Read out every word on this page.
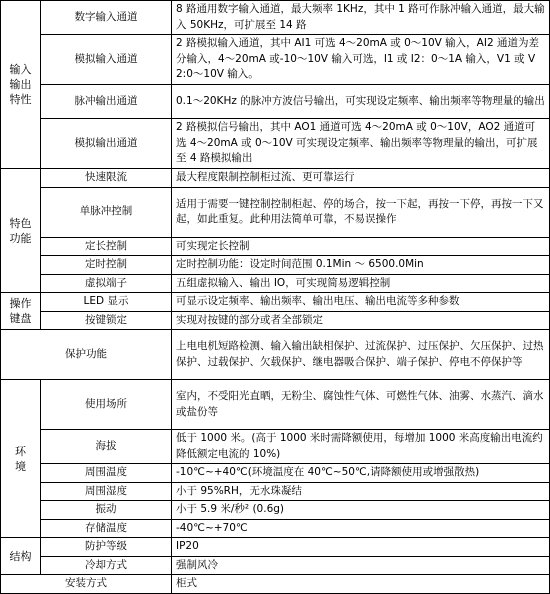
输入
输出
特性	数字输入通道	8 路通用数字输入通道，最大频率 1KHz，其中 1 路可作脉冲输入通道，最大输入 50KHz，可扩展至 14 路
	模拟输入通道	2 路模拟输入通道，其中 AI1 可选 4～20mA 或 0～10V 输入，AI2 通道为差分输入，4～20mA 或-10～10V 输入可选，I1 或 I2：0～1A 输入，V1 或 V2:0～10V 输入。
	脉冲输出通道	0.1～20KHz 的脉冲方波信号输出，可实现设定频率、输出频率等物理量的输出
	模拟输出通道	2 路模拟信号输出，其中 AO1 通道可选 4～20mA 或 0～10V，AO2 通道可选 4～20mA 或 0～10V 可实现设定频率、输出频率等物理量的输出，可扩展至 4 路模拟输出
特色
功能	快速限流	最大程度限制控制柜过流、更可靠运行
	单脉冲控制	适用于需要一键控制控制柜起、停的场合，按一下起，再按一下停，再按一下又起，如此重复。此种用法简单可靠，不易误操作
	定长控制	可实现定长控制
	定时控制	定时控制功能：设定时间范围 0.1Min ～ 6500.0Min
	虚拟端子	五组虚拟输入、输出 IO，可实现简易逻辑控制
操作
键盘	LED 显示	可显示设定频率、输出频率、输出电压、输出电流等多种参数
	按键锁定	实现对按键的部分或者全部锁定
保护功能		上电电机短路检测、输入输出缺相保护、过流保护、过压保护、欠压保护、过热保护、过载保护、欠载保护、继电器吸合保护、端子保护、停电不停保护等
环
境	使用场所	室内，不受阳光直晒，无粉尘、腐蚀性气体、可燃性气体、油雾、水蒸汽、滴水或盐份等
	海拔	低于 1000 米。(高于 1000 米时需降额使用，每增加 1000 米高度输出电流约降低额定电流的 10%)
	周围温度	-10℃~+40℃(环境温度在 40℃~50℃,请降额使用或增强散热)
	周围湿度	小于 95%RH，无水珠凝结
	振动	小于 5.9 米/秒² (0.6g)
	存储温度	-40℃~+70℃
结构	防护等级	IP20
	冷却方式	强制风冷
安装方式		柜式
